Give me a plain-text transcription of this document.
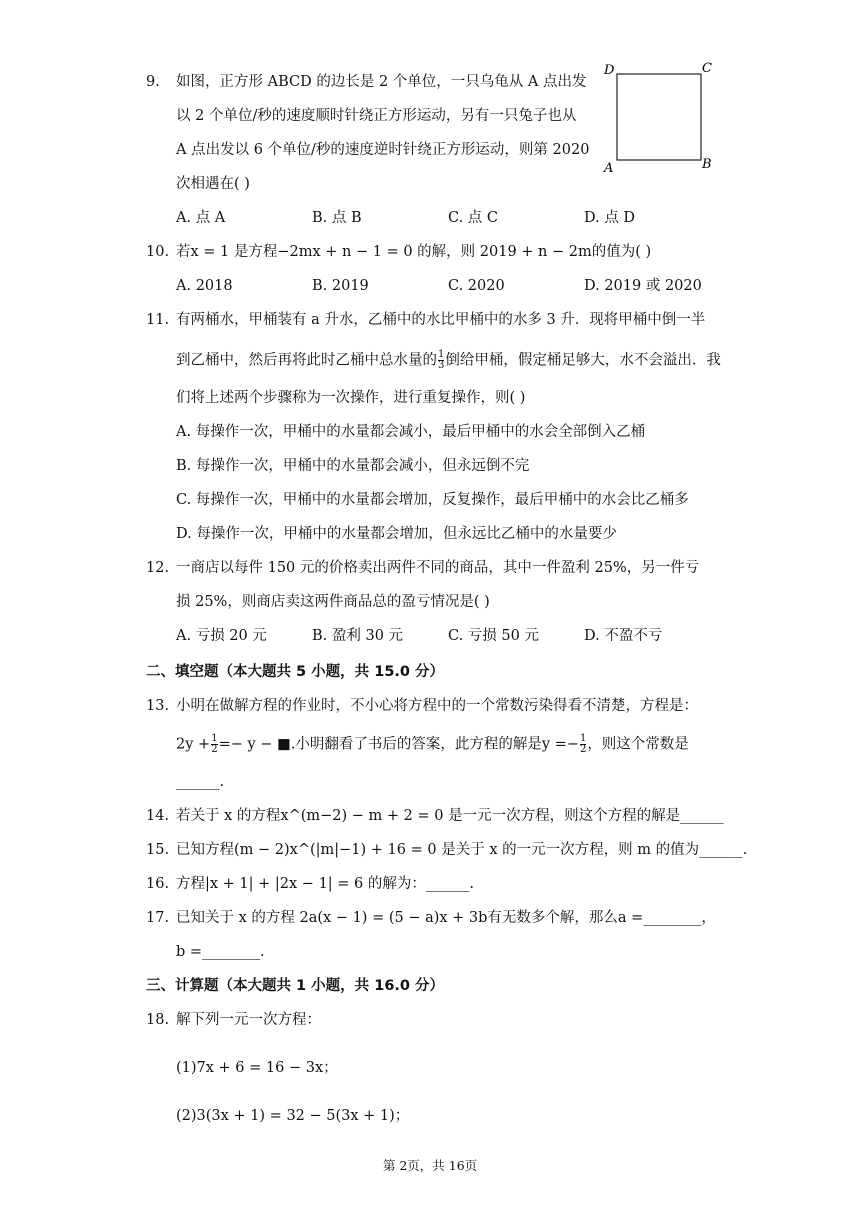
9. 如图，正方形 ABCD 的边长是 2 个单位，一只乌龟从 A 点出发
以 2 个单位/秒的速度顺时针绕正方形运动，另有一只兔子也从
A 点出发以 6 个单位/秒的速度逆时针绕正方形运动，则第 2020
次相遇在( )
D	C
A	B
A. 点 A	B. 点 B	C. 点 C	D. 点 D
10. 若x = 1 是方程−2mx + n − 1 = 0 的解，则 2019 + n − 2m的值为( )
A. 2018	B. 2019	C. 2020	D. 2019 或 2020
11. 有两桶水，甲桶装有 a 升水，乙桶中的水比甲桶中的水多 3 升．现将甲桶中倒一半
到乙桶中，然后再将此时乙桶中总水量的 $\frac{1}{3}$ 倒给甲桶，假定桶足够大，水不会溢出．我
们将上述两个步骤称为一次操作，进行重复操作，则( )
A. 每操作一次，甲桶中的水量都会减小，最后甲桶中的水会全部倒入乙桶
B. 每操作一次，甲桶中的水量都会减小，但永远倒不完
C. 每操作一次，甲桶中的水量都会增加，反复操作，最后甲桶中的水会比乙桶多
D. 每操作一次，甲桶中的水量都会增加，但永远比乙桶中的水量要少
12. 一商店以每件 150 元的价格卖出两件不同的商品，其中一件盈利 25%，另一件亏
损 25%，则商店卖这两件商品总的盈亏情况是( )
A. 亏损 20 元	B. 盈利 30 元	C. 亏损 50 元	D. 不盈不亏
二、填空题（本大题共 5 小题，共 15.0 分）
13. 小明在做解方程的作业时，不小心将方程中的一个常数污染得看不清楚，方程是：
$2y + \frac{1}{2} =- y$ − ■.小明翻看了书后的答案，此方程的解是$y =- \frac{1}{2}$ ，则这个常数是
______.
14. 若关于 x 的方程x^(m−2) − m + 2 = 0 是一元一次方程，则这个方程的解是______
15. 已知方程(m − 2)x^(|m|−1) + 16 = 0 是关于 x 的一元一次方程，则 m 的值为______.
16. 方程|x + 1| + |2x − 1| = 6 的解为：______.
17. 已知关于 x 的方程 2a(x − 1) = (5 − a)x + 3b有无数多个解，那么a =________，
b =________.
三、计算题（本大题共 1 小题，共 16.0 分）
18. 解下列一元一次方程：
(1)7x + 6 = 16 − 3x；
(2)3(3x + 1) = 32 − 5(3x + 1)；
第 2页，共 16页
